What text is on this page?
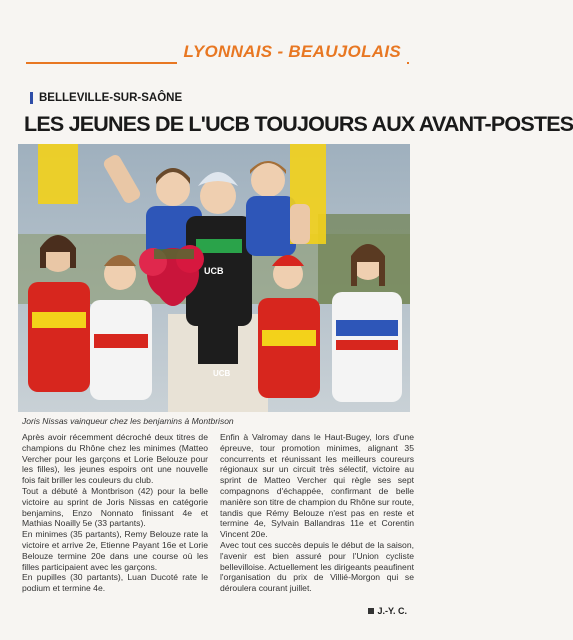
LYONNAIS - BEAUJOLAIS
BELLEVILLE-SUR-SAÔNE
LES JEUNES DE L'UCB TOUJOURS AUX AVANT-POSTES
UCB
UCB
Joris Nissas vainqueur chez les benjamins à Montbrison

Après avoir récemment décroché deux titres de champions du Rhône chez les minimes (Matteo Vercher pour les garçons et Lorie Belouze pour les filles), les jeunes espoirs ont une nouvelle fois fait briller les couleurs du club.

Tout a débuté à Montbrison (42) pour la belle victoire au sprint de Joris Nissas en catégorie benjamins, Enzo Nonnato finissant 4e et Mathias Noailly 5e (33 partants).

En minimes (35 partants), Remy Belouze rate la victoire et arrive 2e, Etienne Payant 16e et Lorie Belouze termine 20e dans une course où les filles participaient avec les garçons.

En pupilles (30 partants), Luan Ducoté rate le podium et termine 4e.

Enfin à Valromay dans le Haut-Bugey, lors d'une épreuve, tour promotion minimes, alignant 35 concurrents et réunissant les meilleurs coureurs régionaux sur un circuit très sélectif, victoire au sprint de Matteo Vercher qui règle ses sept compagnons d'échappée, confirmant de belle manière son titre de champion du Rhône sur route, tandis que Rémy Belouze n'est pas en reste et termine 4e, Sylvain Ballandras 11e et Corentin Vincent 20e.

Avec tout ces succès depuis le début de la saison, l'avenir est bien assuré pour l'Union cycliste bellevilloise. Actuellement les dirigeants peaufinent l'organisation du prix de Villié-Morgon qui se déroulera courant juillet.

J.-Y. C.
